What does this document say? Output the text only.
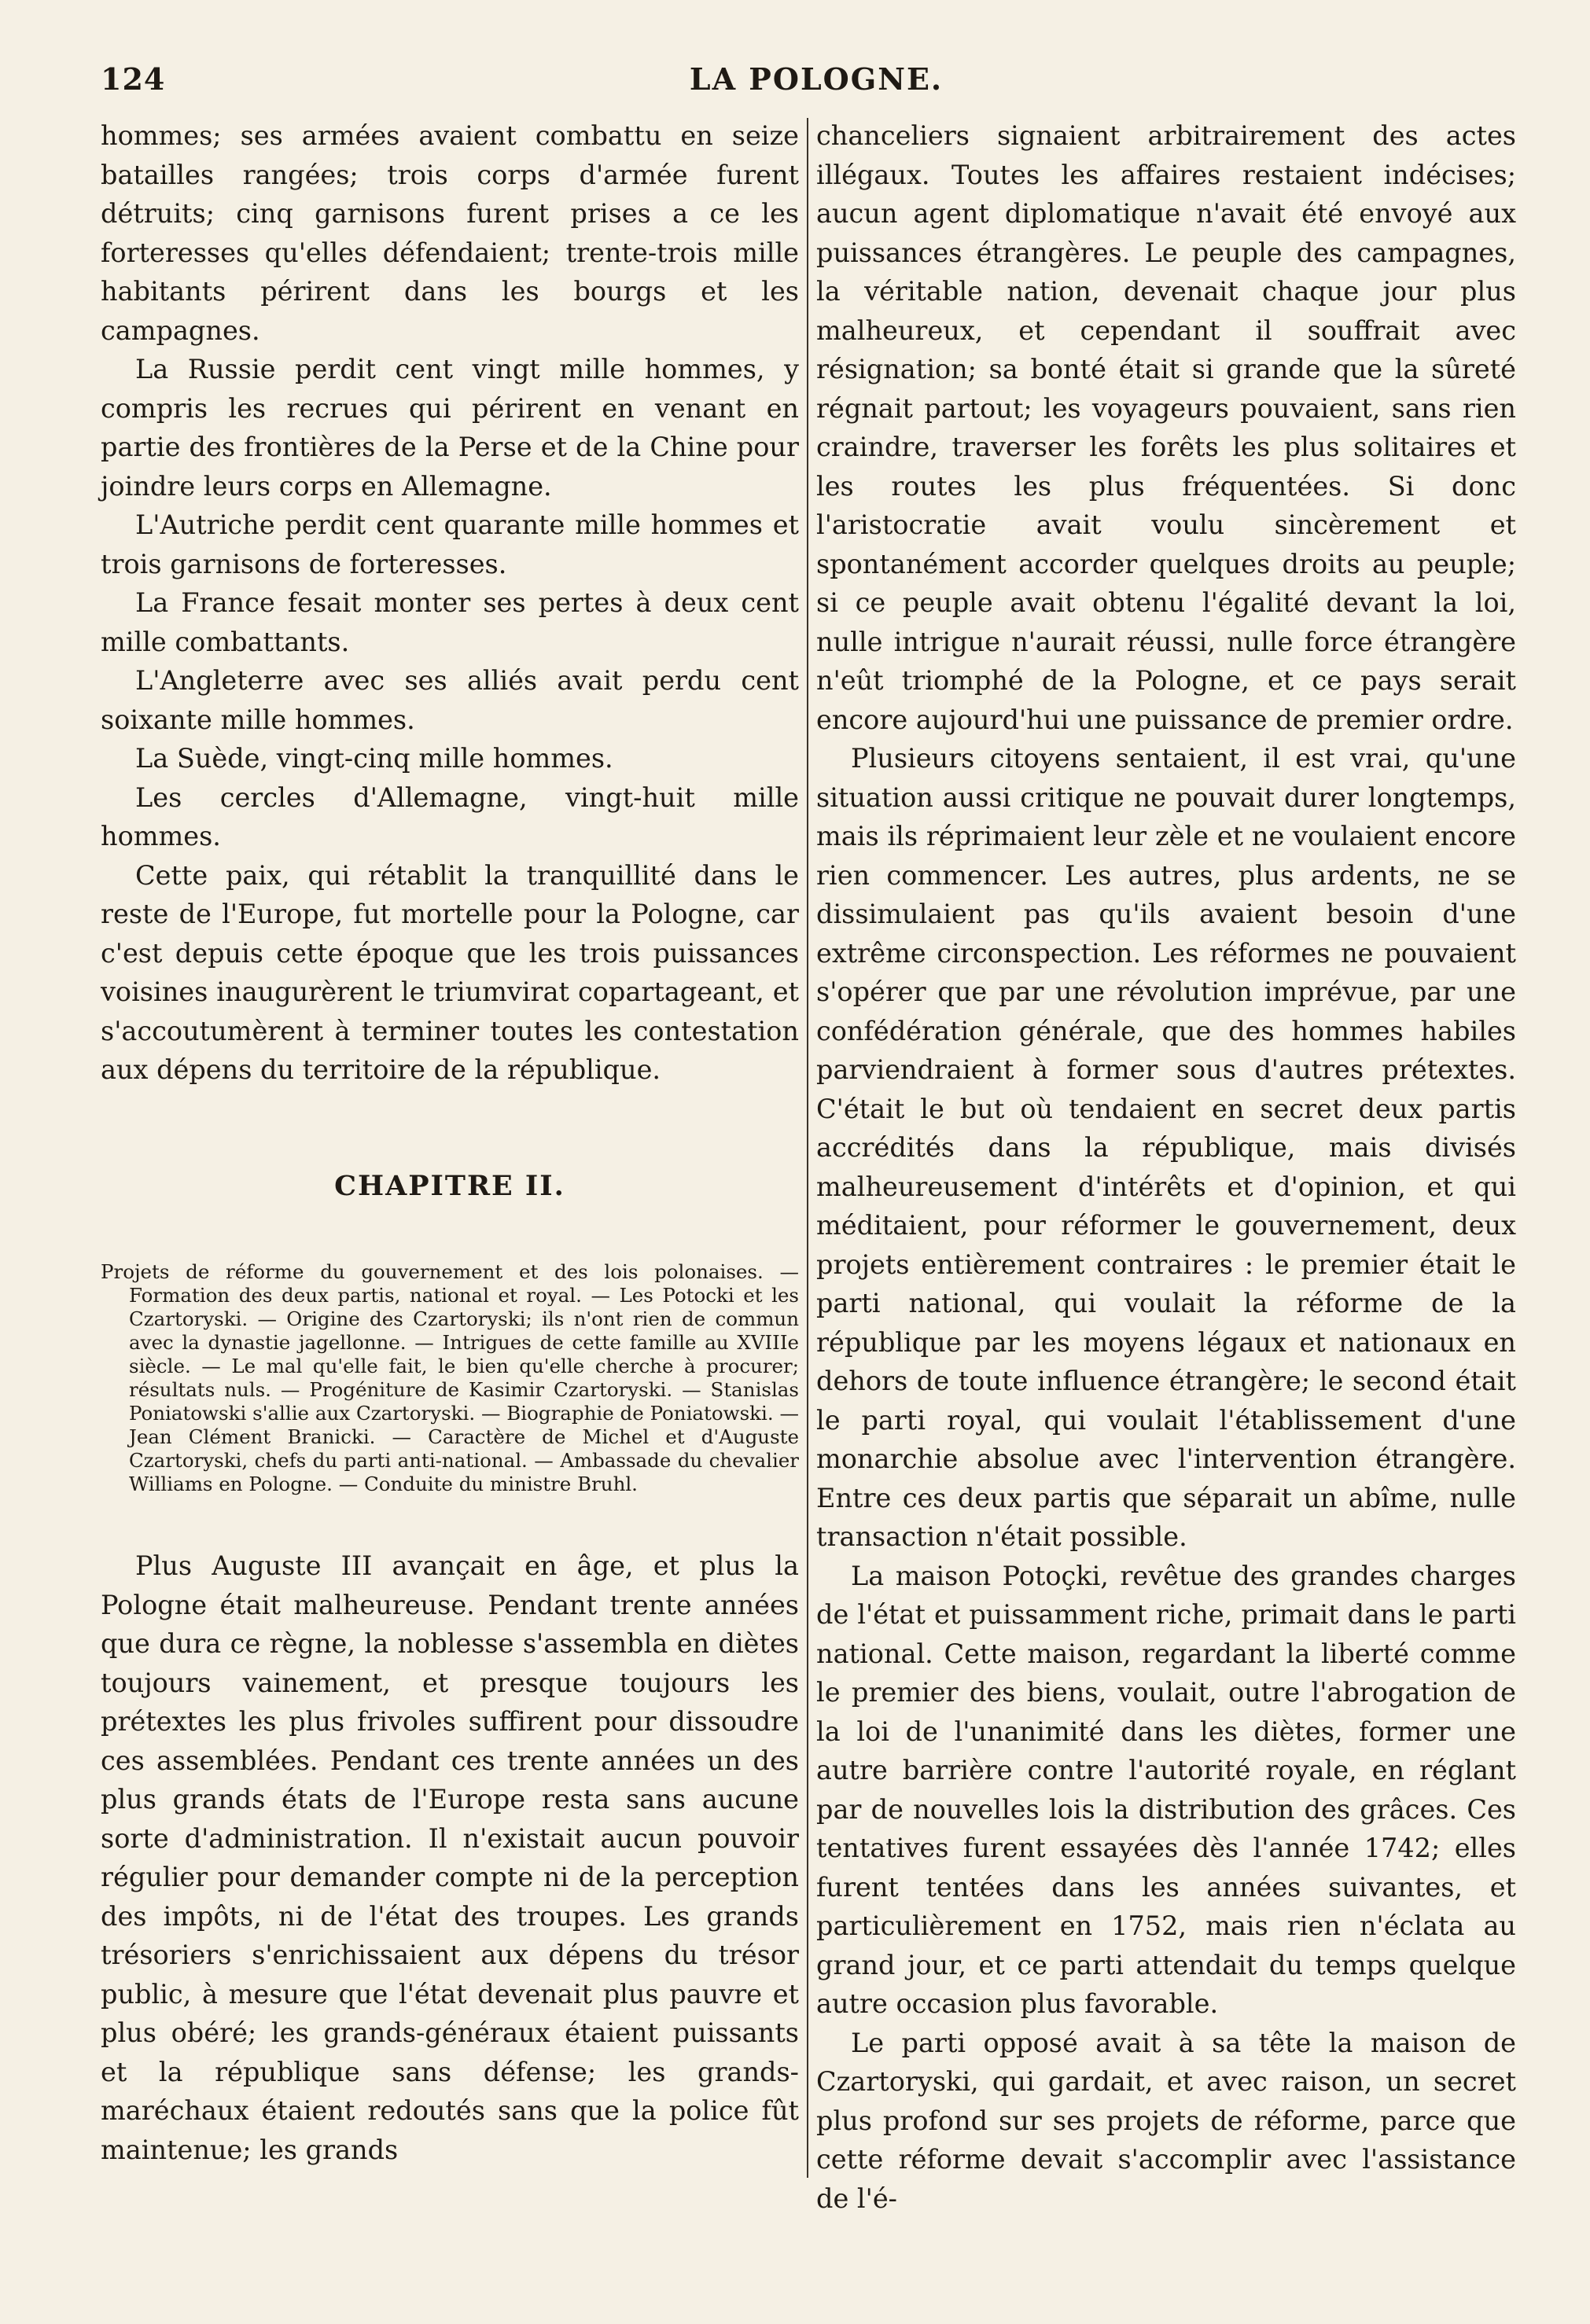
124	LA POLOGNE.

hommes; ses armées avaient combattu en seize batailles rangées; trois corps d'armée furent détruits; cinq garnisons furent prises a ce les forteresses qu'elles défendaient; trente-trois mille habitants périrent dans les bourgs et les campagnes.

La Russie perdit cent vingt mille hommes, y compris les recrues qui périrent en venant en partie des frontières de la Perse et de la Chine pour joindre leurs corps en Allemagne.

L'Autriche perdit cent quarante mille hommes et trois garnisons de forteresses.

La France fesait monter ses pertes à deux cent mille combattants.

L'Angleterre avec ses alliés avait perdu cent soixante mille hommes.

La Suède, vingt-cinq mille hommes.

Les cercles d'Allemagne, vingt-huit mille hommes.

Cette paix, qui rétablit la tranquillité dans le reste de l'Europe, fut mortelle pour la Pologne, car c'est depuis cette époque que les trois puissances voisines inaugurèrent le triumvirat copartageant, et s'accoutumèrent à terminer toutes les contestation aux dépens du territoire de la république.

CHAPITRE II.

Projets de réforme du gouvernement et des lois polonaises. — Formation des deux partis, national et royal. — Les Potocki et les Czartoryski. — Origine des Czartoryski; ils n'ont rien de commun avec la dynastie jagellonne. — Intrigues de cette famille au XVIIIe siècle. — Le mal qu'elle fait, le bien qu'elle cherche à procurer; résultats nuls. — Progéniture de Kasimir Czartoryski. — Stanislas Poniatowski s'allie aux Czartoryski. — Biographie de Poniatowski. — Jean Clément Branicki. — Caractère de Michel et d'Auguste Czartoryski, chefs du parti anti-national. — Ambassade du chevalier Williams en Pologne. — Conduite du ministre Bruhl.

Plus Auguste III avançait en âge, et plus la Pologne était malheureuse. Pendant trente années que dura ce règne, la noblesse s'assembla en diètes toujours vainement, et presque toujours les prétextes les plus frivoles suffirent pour dissoudre ces assemblées. Pendant ces trente années un des plus grands états de l'Europe resta sans aucune sorte d'administration. Il n'existait aucun pouvoir régulier pour demander compte ni de la perception des impôts, ni de l'état des troupes. Les grands trésoriers s'enrichissaient aux dépens du trésor public, à mesure que l'état devenait plus pauvre et plus obéré; les grands-généraux étaient puissants et la république sans défense; les grands-maréchaux étaient redoutés sans que la police fût maintenue; les grands

chanceliers signaient arbitrairement des actes illégaux. Toutes les affaires restaient indécises; aucun agent diplomatique n'avait été envoyé aux puissances étrangères. Le peuple des campagnes, la véritable nation, devenait chaque jour plus malheureux, et cependant il souffrait avec résignation; sa bonté était si grande que la sûreté régnait partout; les voyageurs pouvaient, sans rien craindre, traverser les forêts les plus solitaires et les routes les plus fréquentées. Si donc l'aristocratie avait voulu sincèrement et spontanément accorder quelques droits au peuple; si ce peuple avait obtenu l'égalité devant la loi, nulle intrigue n'aurait réussi, nulle force étrangère n'eût triomphé de la Pologne, et ce pays serait encore aujourd'hui une puissance de premier ordre.

Plusieurs citoyens sentaient, il est vrai, qu'une situation aussi critique ne pouvait durer longtemps, mais ils réprimaient leur zèle et ne voulaient encore rien commencer. Les autres, plus ardents, ne se dissimulaient pas qu'ils avaient besoin d'une extrême circonspection. Les réformes ne pouvaient s'opérer que par une révolution imprévue, par une confédération générale, que des hommes habiles parviendraient à former sous d'autres prétextes. C'était le but où tendaient en secret deux partis accrédités dans la république, mais divisés malheureusement d'intérêts et d'opinion, et qui méditaient, pour réformer le gouvernement, deux projets entièrement contraires : le premier était le parti national, qui voulait la réforme de la république par les moyens légaux et nationaux en dehors de toute influence étrangère; le second était le parti royal, qui voulait l'établissement d'une monarchie absolue avec l'intervention étrangère. Entre ces deux partis que séparait un abîme, nulle transaction n'était possible.

La maison Potoçki, revêtue des grandes charges de l'état et puissamment riche, primait dans le parti national. Cette maison, regardant la liberté comme le premier des biens, voulait, outre l'abrogation de la loi de l'unanimité dans les diètes, former une autre barrière contre l'autorité royale, en réglant par de nouvelles lois la distribution des grâces. Ces tentatives furent essayées dès l'année 1742; elles furent tentées dans les années suivantes, et particulièrement en 1752, mais rien n'éclata au grand jour, et ce parti attendait du temps quelque autre occasion plus favorable.

Le parti opposé avait à sa tête la maison de Czartoryski, qui gardait, et avec raison, un secret plus profond sur ses projets de réforme, parce que cette réforme devait s'accomplir avec l'assistance de l'é-
